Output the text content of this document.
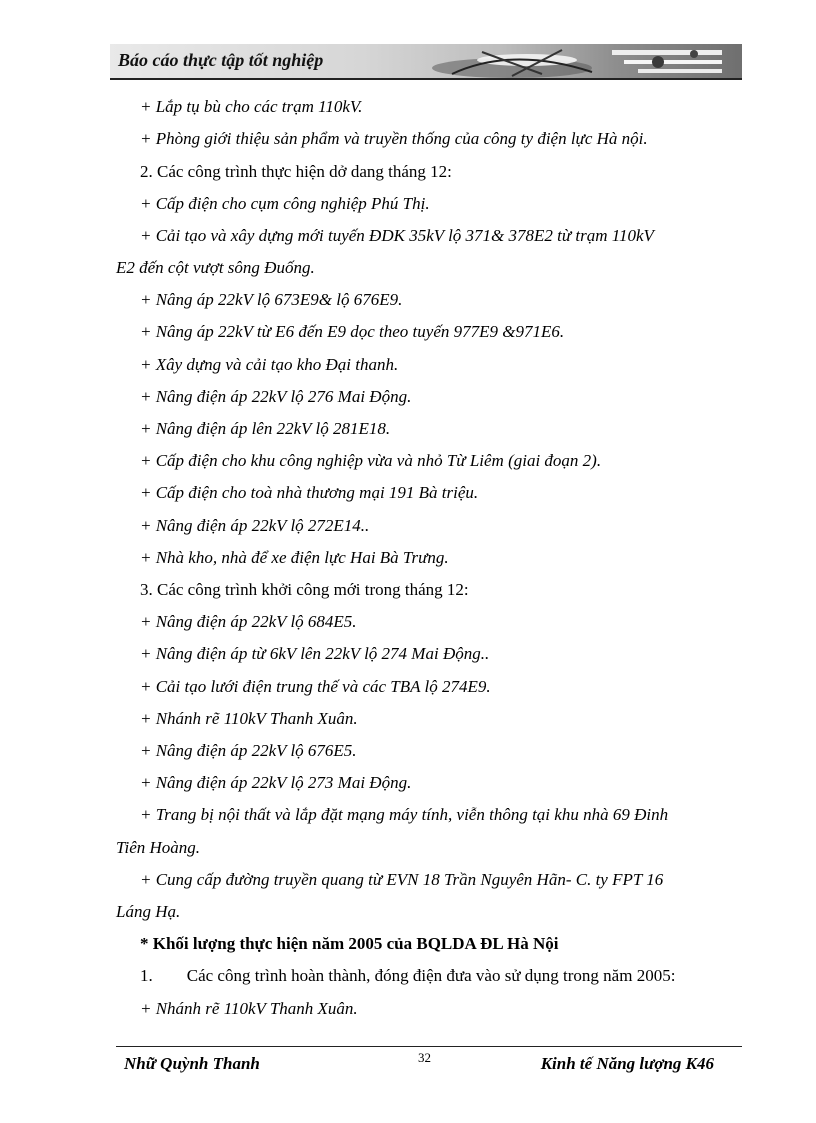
Báo cáo thực tập tốt nghiệp
+ Lắp tụ bù cho các trạm 110kV.
+ Phòng giới thiệu sản phẩm và truyền thống của công ty điện lực Hà nội.
2. Các công trình thực hiện dở dang tháng 12:
+ Cấp điện cho cụm công nghiệp Phú Thị.
+ Cải tạo và xây dựng mới tuyến ĐDK 35kV lộ 371& 378E2 từ trạm 110kV
E2 đến cột vượt sông Đuống.
+ Nâng áp 22kV lộ 673E9& lộ 676E9.
+ Nâng áp 22kV từ E6 đến E9 dọc theo tuyến 977E9 &971E6.
+ Xây dựng và cải tạo kho Đại thanh.
+ Nâng điện áp 22kV lộ 276 Mai Động.
+ Nâng điện áp lên 22kV lộ 281E18.
+ Cấp điện cho khu công nghiệp vừa và nhỏ Từ Liêm (giai đoạn 2).
+ Cấp điện cho toà nhà thương mại 191 Bà triệu.
+ Nâng điện áp 22kV lộ 272E14..
+ Nhà kho, nhà để xe điện lực Hai Bà Trưng.
3. Các công trình khởi công mới trong tháng 12:
+ Nâng điện áp 22kV lộ 684E5.
+ Nâng điện áp từ 6kV lên 22kV lộ 274 Mai Động..
+ Cải tạo lưới điện trung thế và các TBA lộ 274E9.
+ Nhánh rẽ 110kV Thanh Xuân.
+ Nâng điện áp 22kV lộ 676E5.
+ Nâng điện áp 22kV lộ 273 Mai Động.
+ Trang bị nội thất và lắp đặt mạng máy tính, viễn thông tại khu nhà 69 Đinh
Tiên Hoàng.
+ Cung cấp đường truyền quang từ EVN 18 Trần Nguyên Hãn- C. ty FPT 16
Láng Hạ.
* Khối lượng thực hiện năm 2005 của BQLDA ĐL Hà Nội
1.        Các công trình hoàn thành, đóng điện đưa vào sử dụng trong năm 2005:
+ Nhánh rẽ 110kV Thanh Xuân.
Nhữ Quỳnh Thanh	32	Kinh tế Năng lượng K46
